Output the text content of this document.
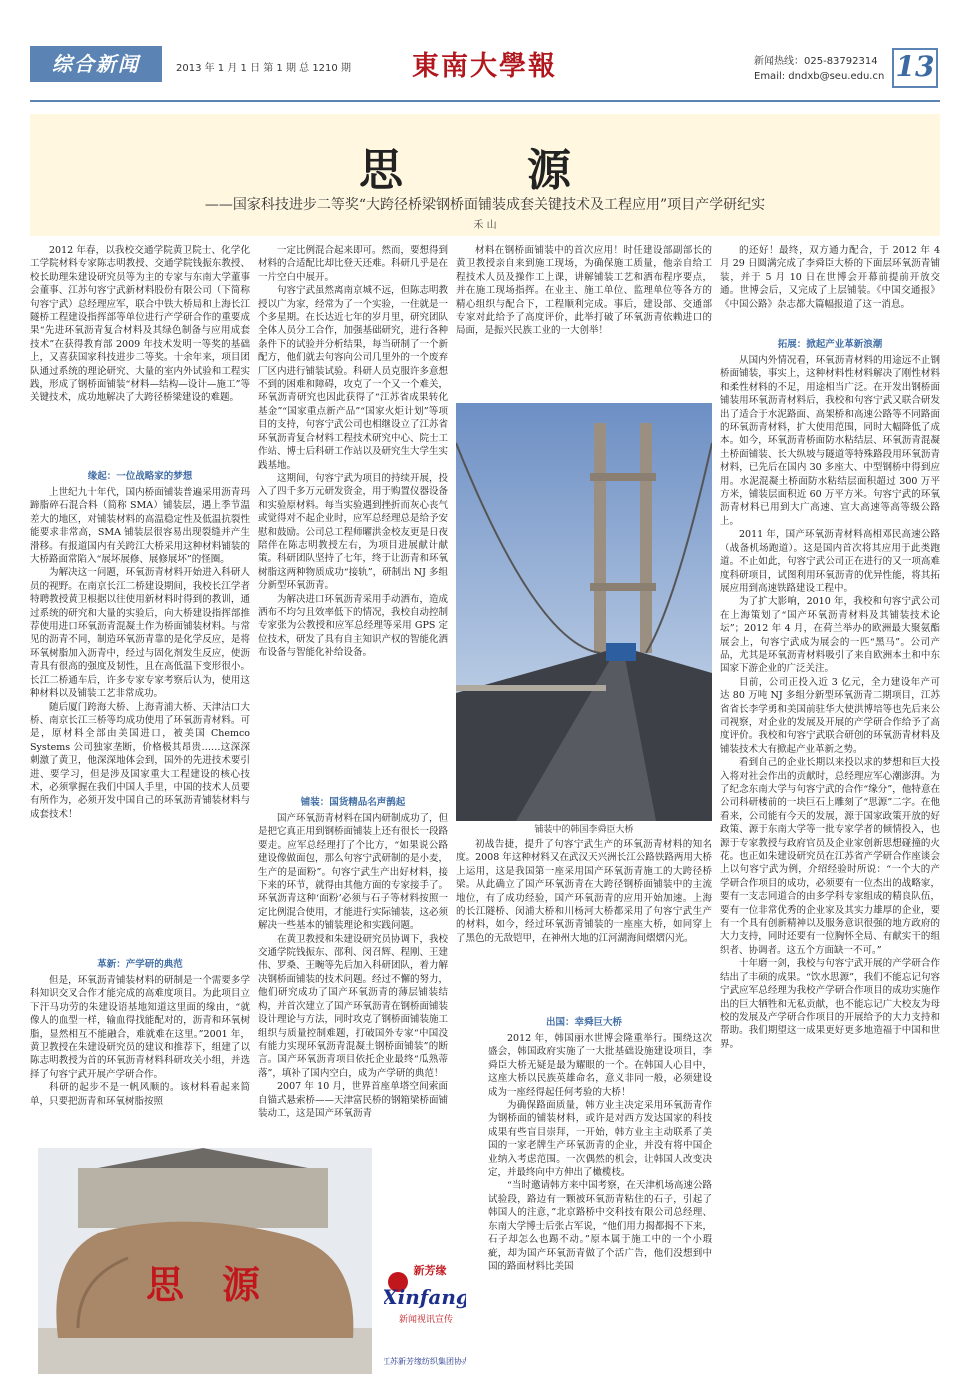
综合新闻	2013 年 1 月 1 日 第 1 期 总 1210 期 東南大學報	新闻热线：025-83792314
Email: dndxb@seu.edu.cn 13
思　源
——国家科技进步二等奖“大跨径桥梁钢桥面铺装成套关键技术及工程应用”项目产学研纪实
禾 山

2012 年春，以我校交通学院黄卫院士、化学化工学院材料专家陈志明教授、交通学院钱振东教授、校长助理朱建设研究员等为主的专家与东南大学董事会董事、江苏句容宁武新材料股份有限公司（下简称句容宁武）总经理应军，联合中铁大桥局和上海长江隧桥工程建设指挥部等单位进行产学研合作的重要成果“先进环氧沥青复合材料及其绿色制备与应用成套技术”在获得教育部 2009 年技术发明一等奖的基础上，又喜获国家科技进步二等奖。十余年来，项目团队通过系统的理论研究、大量的室内外试验和工程实践，形成了钢桥面铺装“材料—结构—设计—施工”等关键技术，成功地解决了大跨径桥梁建设的难题。

缘起：一位战略家的梦想

上世纪九十年代，国内桥面铺装普遍采用沥青玛蹄脂碎石混合料（简称 SMA）铺装层，遇上季节温差大的地区，对铺装材料的高温稳定性及低温抗裂性能要求非常高，SMA 铺装层很容易出现裂缝并产生滑移。有报道国内有关跨江大桥采用这种材料铺装的大桥路面常陷入“展坏展修、展修展坏”的怪圈。

为解决这一问题，环氧沥青材料开始进入科研人员的视野。在南京长江二桥建设期间，我校长江学者特聘教授黄卫根据以往使用新材料时得到的教训，通过系统的研究和大量的实验后，向大桥建设指挥部推荐使用进口环氧沥青混凝土作为桥面铺装材料。与常见的沥青不同，制造环氧沥青靠的是化学反应，是将环氧树脂加入沥青中，经过与固化剂发生反应，使沥青具有很高的强度及韧性，且在高低温下变形很小。长江二桥通车后，许多专家专家考察后认为，使用这种材料以及铺装工艺非常成功。

随后厦门跨海大桥、上海青浦大桥、天津沽口大桥、南京长江三桥等均成功使用了环氧沥青材料。可是，原材料全部由美国进口，被美国 Chemco Systems 公司独家垄断，价格极其昂贵……这深深刺激了黄卫，他深深地体会到，国外的先进技术要引进、要学习，但是涉及国家重大工程建设的核心技术，必须掌握在我们中国人手里，中国的技术人员要有所作为，必须开发中国自己的环氧沥青铺装材料与成套技术！

革新：产学研的典范

但是，环氧沥青铺装材料的研制是一个需要多学科知识交叉合作才能完成的高难度项目。为此项目立下汗马功劳的朱建设语基地知道这里面的缘由，“就像人的血型一样，输血得找能配对的，沥青和环氧树脂，显然相互不能融合，难就难在这里。”2001 年，黄卫教授在朱建设研究员的建议和推荐下，组建了以陈志明教授为首的环氧沥青材料科研攻关小组，并选择了句容宁武开展产学研合作。

科研的起步不是一帆风顺的。该材料看起来简单，只要把沥青和环氧树脂按照

一定比例混合起来即可。然而，要想得到材料的合适配比却比登天还难。科研几乎是在一片空白中展开。

句容宁武虽然离南京城不远，但陈志明教授以广为家，经常为了一个实验，一住就是一个多星期。在长达近七年的岁月里，研究团队全体人员分工合作，加强基础研究，进行各种条件下的试验并分析结果，每当研制了一个新配方，他们就去句容向公司几里外的一个废弃厂区内进行铺装试验。科研人员克服许多意想不到的困难和障碍，攻克了一个又一个难关，环氧沥青研究也因此获得了“江苏省成果转化基金”“国家重点新产品”“国家火炬计划”等项目的支持，句容宁武公司也相继设立了江苏省环氧沥青复合材料工程技术研究中心、院士工作站、博士后科研工作站以及研究生大学生实践基地。

这期间，句容宁武为项目的持续开展，投入了四千多万元研发资金，用于购置仪器设备和实验原材料。每当实验遇到挫折而灰心丧气或觉得对不起企业时，应军总经理总是给予安慰和鼓励。公司总工程师曜洪金校友更是日夜陪伴在陈志明教授左右，为项目进展献计献策。科研团队坚持了七年，终于让沥青和环氧树脂这两种物质成功“接轨”，研制出 NJ 多组分新型环氧沥青。

为解决进口环氧沥青采用手动洒布，造成洒布不均匀且效率低下的情况，我校自动控制专家张为公教授和应军总经理等采用 GPS 定位技术，研发了具有自主知识产权的智能化洒布设备与智能化补给设备。

铺装：国货精品名声鹊起

国产环氧沥青材料在国内研制成功了，但是把它真正用到钢桥面铺装上还有很长一段路要走。应军总经理打了个比方，“如果说公路建设像做面包，那么句容宁武研制的是小麦，生产的是面粉”。句容宁武生产出好材料，接下来的环节，就得由其他方面的专家接手了。环氧沥青这种‘面粉’必须与石子等材料按照一定比例混合使用，才能进行实际铺装，这必须解决一些基本的铺装理论和实践问题。

在黄卫教授和朱建设研究员协调下，我校交通学院钱振东、邵利、闵召辉、程刚、王建伟、罗桑、王畹等先后加入科研团队，着力解决钢桥面铺装的技术问题。经过不懈的努力，他们研究成功了国产环氧沥青的薄层铺装结构，并首次建立了国产环氧沥青在钢桥面铺装设计理论与方法，同时攻克了钢桥面铺装施工组织与质量控制难题，打破国外专家“中国没有能力实现环氧沥青混凝土钢桥面铺装”的断言。国产环氧沥青项目依托企业最终“瓜熟蒂落”，填补了国内空白，成为产学研的典范！

2007 年 10 月，世界首座单塔空间索面自锚式悬索桥——天津富民桥的钢箱梁桥面铺装动工，这是国产环氧沥青

材料在钢桥面铺装中的首次应用！时任建设部副部长的黄卫教授亲自来到施工现场，为确保施工质量，他亲自给工程技术人员及操作工上课，讲解铺装工艺和洒布程序要点，并在施工现场指挥。在业主、施工单位、监理单位等各方的精心组织与配合下，工程顺利完成。事后，建设部、交通部专家对此给予了高度评价，此举打破了环氧沥青依赖进口的局面，是振兴民族工业的一大创举！

铺装中的韩国李舜臣大桥

初战告捷，提升了句容宁武生产的环氧沥青材料的知名度。2008 年这种材料又在武汉天兴洲长江公路铁路两用大桥上运用，这是我国第一座采用国产环氧沥青施工的大跨径桥梁。从此确立了国产环氧沥青在大跨径钢桥面铺装中的主流地位，有了成功经验，国产环氧沥青的应用开始加速。上海的长江隧桥、闵浦大桥和川杨河大桥都采用了句容宁武生产的材料，如今，经过环氧沥青铺装的一座座大桥，如同穿上了黑色的无敌铠甲，在神州大地的江河湖海间熠熠闪光。

出国：幸舜巨大桥

2012 年，韩国丽水世博会隆重举行。围绕这次盛会，韩国政府实施了一大批基础设施建设项目，李舜臣大桥无疑是最为耀眼的一个。在韩国人心目中，这座大桥以民族英雄命名，意义非同一般，必须建设成为一座经得起任何考验的大桥！

为确保路面质量，韩方业主决定采用环氧沥青作为钢桥面的铺装材料，或许是对西方发达国家的科技成果有些盲目崇拜，一开始，韩方业主主动联系了美国的一家老牌生产环氧沥青的企业，并没有将中国企业纳入考虑范围。一次偶然的机会，让韩国人改变决定，并最终向中方伸出了橄榄枝。

“当时邀请韩方来中国考察，在天津机场高速公路试验段，路边有一颗被环氧沥青粘住的石子，引起了韩国人的注意，”北京路桥中交科技有限公司总经理、东南大学博士后张占军说，“他们用力揭都揭不下来，石子却怎么也踢不动。”原本属于施工中的一个小瑕疵，却为国产环氧沥青做了个活广告，他们没想到中国的路面材料比美国

的还好！最终，双方通力配合，于 2012 年 4 月 29 日圆满完成了李舜臣大桥的下面层环氧沥青铺装，并于 5 月 10 日在世博会开幕前提前开放交通。世博会后，又完成了上层铺装。《中国交通报》《中国公路》杂志都大篇幅报道了这一消息。

拓展：掀起产业革新浪潮

从国内外情况看，环氧沥青材料的用途远不止钢桥面铺装，事实上，这种材料性材料解决了刚性材料和柔性材料的不足，用途相当广泛。在开发出钢桥面铺装用环氧沥青材料后，我校和句容宁武又联合研发出了适合于水泥路面、高架桥和高速公路等不同路面的环氧沥青材料，扩大使用范围，同时大幅降低了成本。如今，环氧沥青桥面防水粘结层、环氧沥青混凝土桥面铺装、长大纵坡与隧道等特殊路段用环氧沥青材料，已先后在国内 30 多座大、中型钢桥中得到应用。水泥混凝土桥面防水粘结层面积超过 300 万平方米，铺装层面积近 60 万平方米。句容宁武的环氧沥青材料已用到大广高速、宣大高速等高等级公路上。

2011 年，国产环氧沥青材料高相邓民高速公路（战备机场跑道）。这是国内首次将其应用于此类跑道。不止如此，句容宁武公司正在进行的又一项高难度科研项目，试图利用环氧沥青的优异性能，将其拓展应用到高速铁路建设工程中。

为了扩大影响，2010 年，我校和句容宁武公司在上海策划了“国产环氧沥青材料及其铺装技术论坛”；2012 年 4 月，在荷兰举办的欧洲最大聚氨酯展会上，句容宁武成为展会的一匹“黑马”。公司产品，尤其是环氧沥青材料吸引了来自欧洲本土和中东国家下游企业的广泛关注。

目前，公司正投入近 3 亿元，全力建设年产可达 80 万吨 NJ 多组分新型环氧沥青二期项目，江苏省省长李学勇和美国前驻华大使洪博培等也先后来公司视察，对企业的发展及开展的产学研合作给予了高度评价。我校和句容宁武联合研创的环氧沥青材料及铺装技术大有掀起产业革新之势。

看到自己的企业长期以来投以求的梦想和巨大投入将对社会作出的贡献时，总经理应军心潮澎湃。为了纪念东南大学与句容宁武的合作“缘分”，他特意在公司科研楼前的一块巨石上雕刻了“思源”二字。在他看来，公司能有今天的发展，源于国家政策开放的好政策、源于东南大学等一批专家学者的倾情投入，也源于专家教授与政府官员及企业家创新思想碰撞的火花。也正如朱建设研究员在江苏省产学研合作座谈会上以句容宁武为例，介绍经验时所说：“一个大的产学研合作项目的成功，必须要有一位杰出的战略家，要有一支志同道合的由多学科专家组成的精良队伍，要有一位非常优秀的企业家及其实力雄厚的企业，要有一个具有创新精神以及服务意识很强的地方政府的大力支持，同时还要有一位胸怀全局、有献实干的组织者、协调者。这五个方面缺一不可。”

十年磨一剑，我校与句容宁武开展的产学研合作结出了丰硕的成果。“饮水思源”，我们不能忘记句容宁武应军总经理为我校产学研合作项目的成功实施作出的巨大牺牲和无私贡献，也不能忘记广大校友为母校的发展及产学研合作项目的开展给予的大力支持和帮助。我们期望这一成果更好更多地造福于中国和世界。

思　源	新芳缘
Xinfang
新闻视讯宣传
江苏新芳缘纺织集团协办
